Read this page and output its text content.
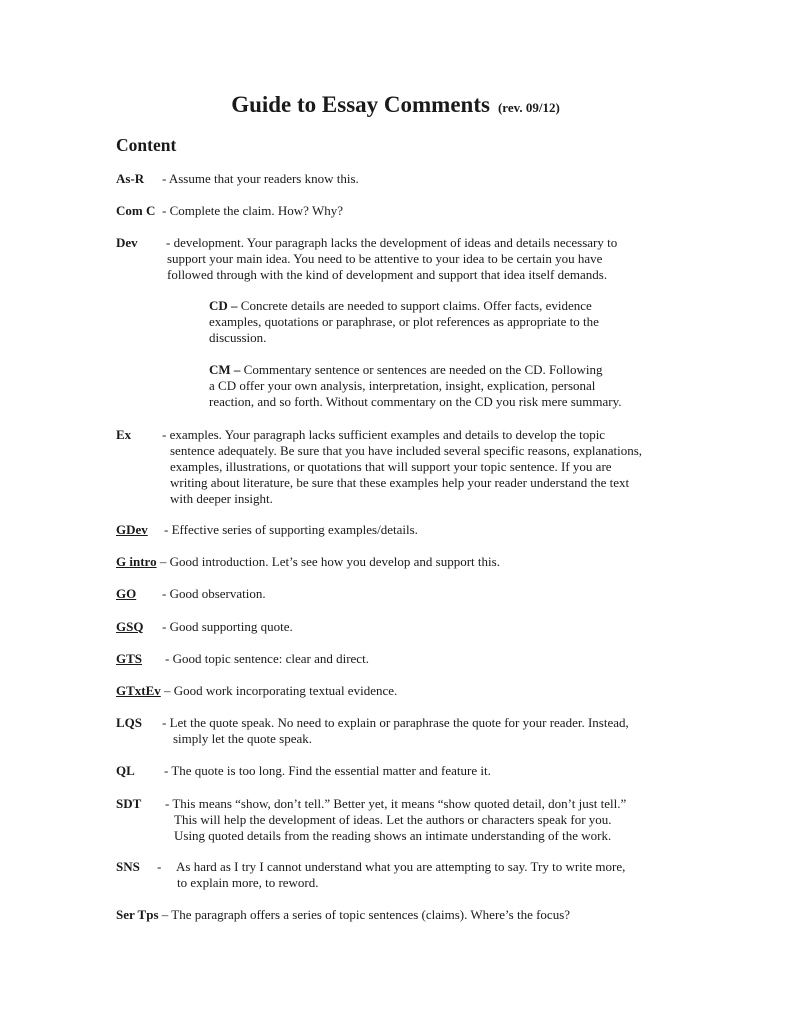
Guide to Essay Comments (rev. 09/12)
Content
As-R - Assume that your readers know this.
Com C - Complete the claim. How? Why?
Dev - development. Your paragraph lacks the development of ideas and details necessary to
support your main idea. You need to be attentive to your idea to be certain you have
followed through with the kind of development and support that idea itself demands.
CD – Concrete details are needed to support claims. Offer facts, evidence
examples, quotations or paraphrase, or plot references as appropriate to the
discussion.
CM – Commentary sentence or sentences are needed on the CD. Following
a CD offer your own analysis, interpretation, insight, explication, personal
reaction, and so forth. Without commentary on the CD you risk mere summary.
Ex - examples. Your paragraph lacks sufficient examples and details to develop the topic
sentence adequately. Be sure that you have included several specific reasons, explanations,
examples, illustrations, or quotations that will support your topic sentence. If you are
writing about literature, be sure that these examples help your reader understand the text
with deeper insight.
GDev - Effective series of supporting examples/details.
G intro – Good introduction. Let’s see how you develop and support this.
GO - Good observation.
GSQ - Good supporting quote.
GTS - Good topic sentence: clear and direct.
GTxtEv – Good work incorporating textual evidence.
LQS - Let the quote speak. No need to explain or paraphrase the quote for your reader. Instead,
simply let the quote speak.
QL - The quote is too long. Find the essential matter and feature it.
SDT - This means “show, don’t tell.” Better yet, it means “show quoted detail, don’t just tell.”
This will help the development of ideas. Let the authors or characters speak for you.
Using quoted details from the reading shows an intimate understanding of the work.
SNS - As hard as I try I cannot understand what you are attempting to say. Try to write more,
to explain more, to reword.
Ser Tps – The paragraph offers a series of topic sentences (claims). Where’s the focus?
